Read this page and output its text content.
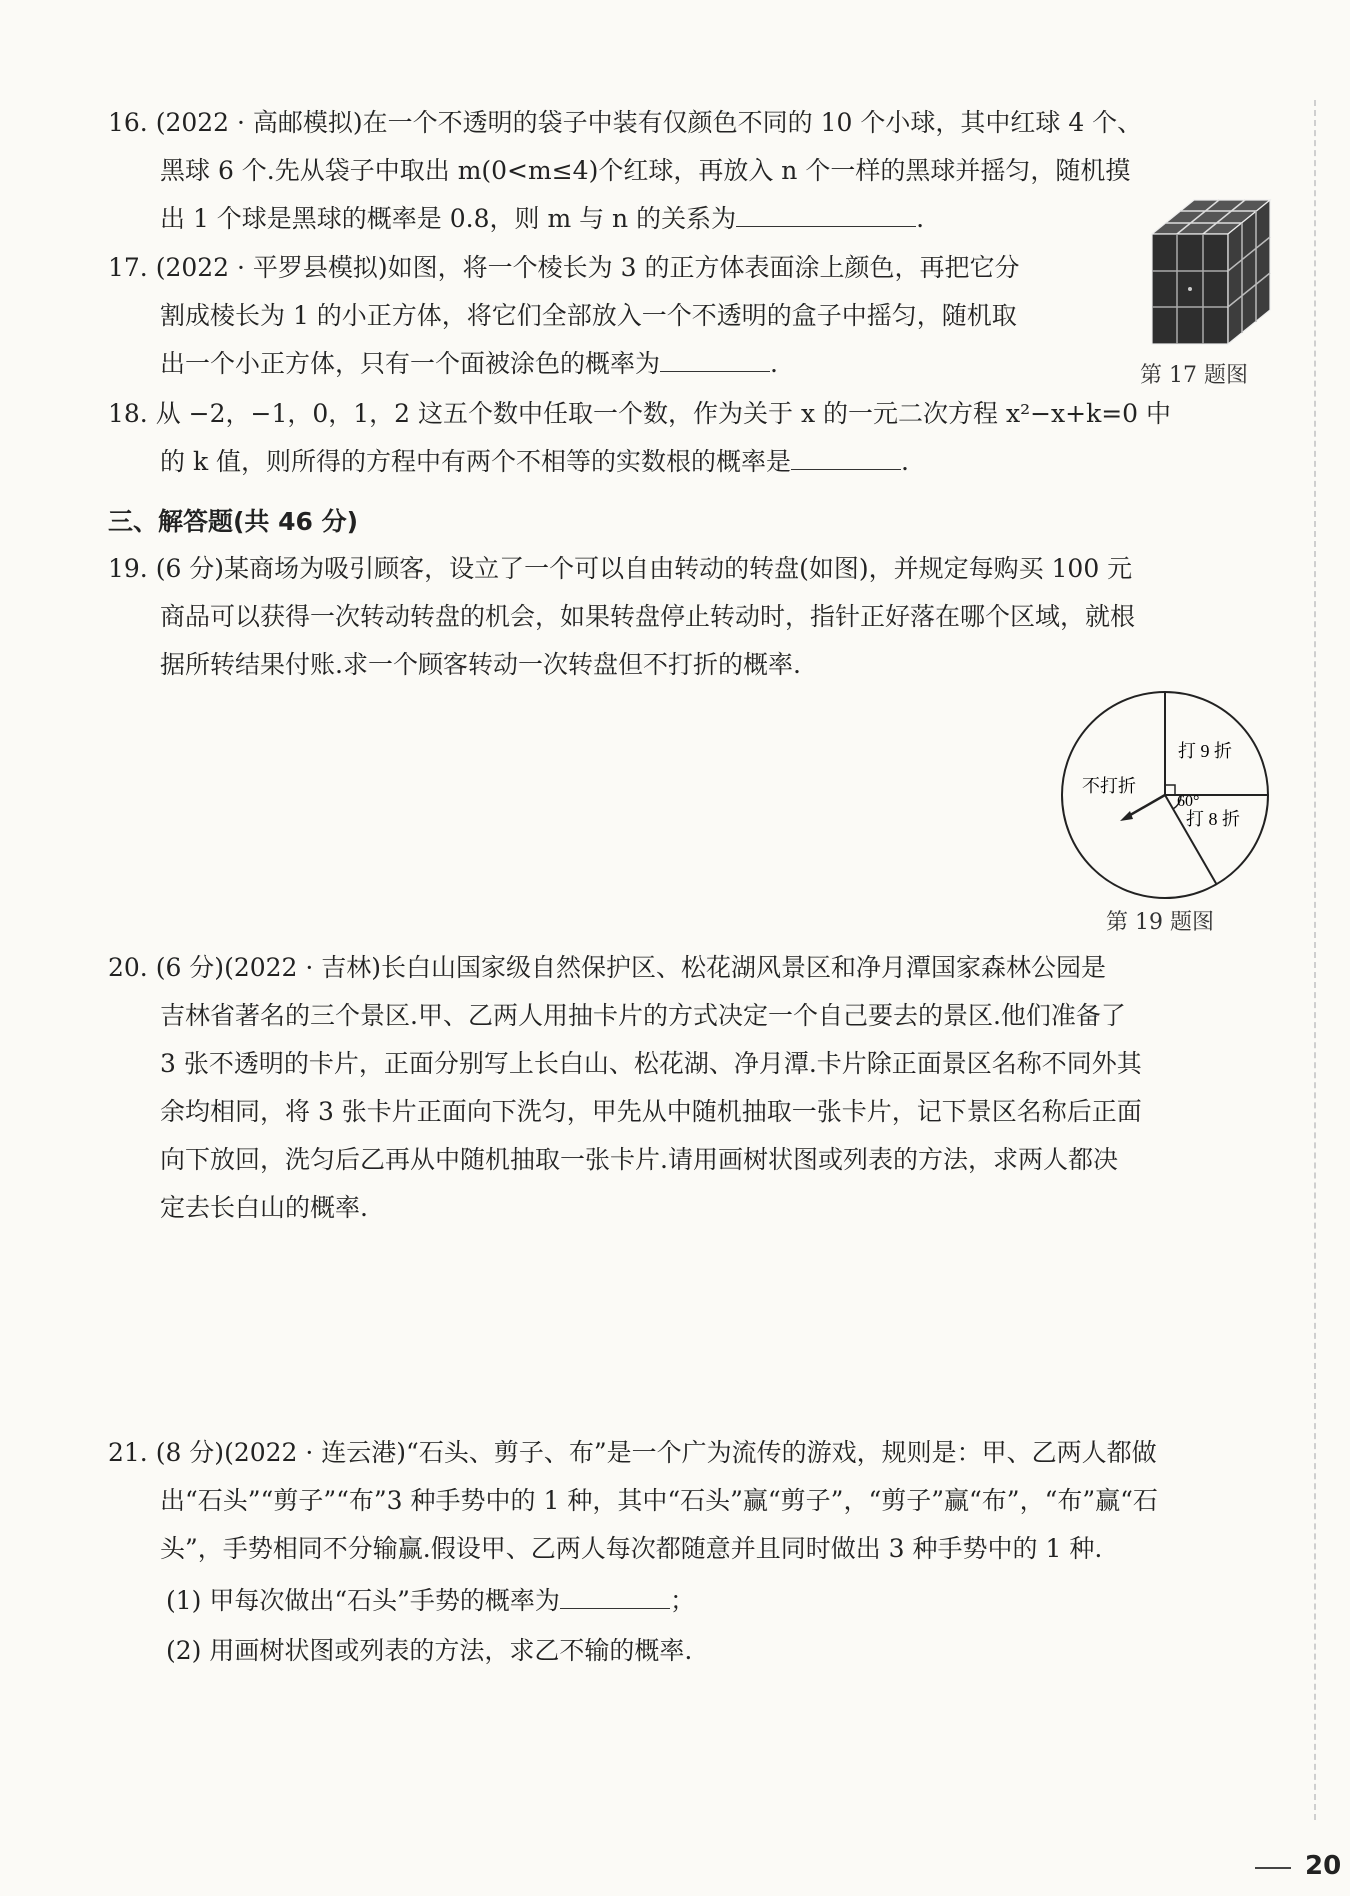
16. (2022 · 高邮模拟)在一个不透明的袋子中装有仅颜色不同的 10 个小球，其中红球 4 个、
黑球 6 个.先从袋子中取出 m(0<m≤4)个红球，再放入 n 个一样的黑球并摇匀，随机摸
出 1 个球是黑球的概率是 0.8，则 m 与 n 的关系为	.
17. (2022 · 平罗县模拟)如图，将一个棱长为 3 的正方体表面涂上颜色，再把它分
割成棱长为 1 的小正方体，将它们全部放入一个不透明的盒子中摇匀，随机取
出一个小正方体，只有一个面被涂色的概率为	.	第 17 题图
18. 从 −2，−1，0，1，2 这五个数中任取一个数，作为关于 x 的一元二次方程 x²−x+k=0 中
的 k 值，则所得的方程中有两个不相等的实数根的概率是	.
三、解答题(共 46 分)
19. (6 分)某商场为吸引顾客，设立了一个可以自由转动的转盘(如图)，并规定每购买 100 元
商品可以获得一次转动转盘的机会，如果转盘停止转动时，指针正好落在哪个区域，就根
据所转结果付账.求一个顾客转动一次转盘但不打折的概率.
打 9 折
打 8 折
不打折
60°
第 19 题图
20. (6 分)(2022 · 吉林)长白山国家级自然保护区、松花湖风景区和净月潭国家森林公园是
吉林省著名的三个景区.甲、乙两人用抽卡片的方式决定一个自己要去的景区.他们准备了
3 张不透明的卡片，正面分别写上长白山、松花湖、净月潭.卡片除正面景区名称不同外其
余均相同，将 3 张卡片正面向下洗匀，甲先从中随机抽取一张卡片，记下景区名称后正面
向下放回，洗匀后乙再从中随机抽取一张卡片.请用画树状图或列表的方法，求两人都决
定去长白山的概率.
21. (8 分)(2022 · 连云港)“石头、剪子、布”是一个广为流传的游戏，规则是：甲、乙两人都做
出“石头”“剪子”“布”3 种手势中的 1 种，其中“石头”赢“剪子”，“剪子”赢“布”，“布”赢“石
头”，手势相同不分输赢.假设甲、乙两人每次都随意并且同时做出 3 种手势中的 1 种.
(1) 甲每次做出“石头”手势的概率为	；
(2) 用画树状图或列表的方法，求乙不输的概率.
20
